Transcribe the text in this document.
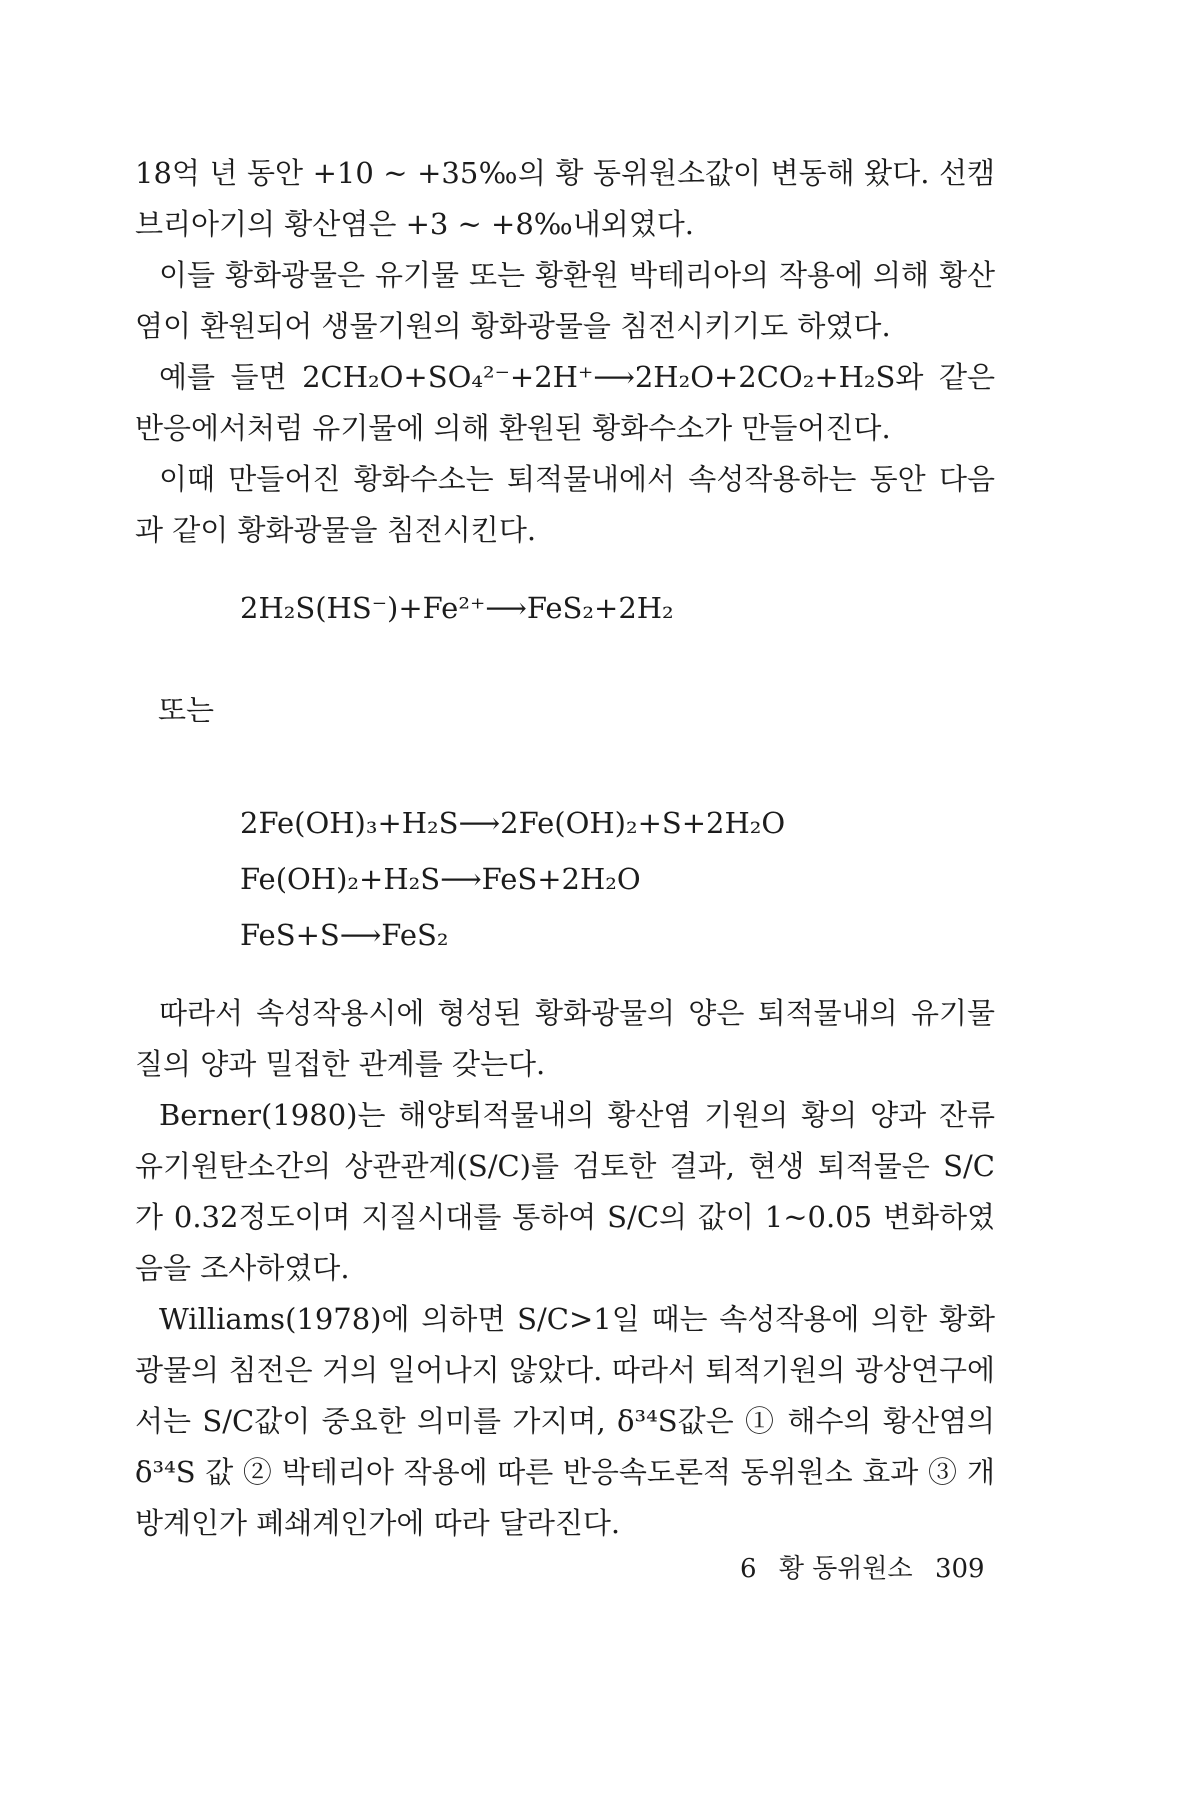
18억 년 동안 +10 ~ +35‰의 황 동위원소값이 변동해 왔다. 선캠브리아기의 황산염은 +3 ~ +8‰내외였다.

이들 황화광물은 유기물 또는 황환원 박테리아의 작용에 의해 황산염이 환원되어 생물기원의 황화광물을 침전시키기도 하였다.

예를 들면 2CH₂O+SO₄²⁻+2H⁺⟶2H₂O+2CO₂+H₂S와 같은 반응에서처럼 유기물에 의해 환원된 황화수소가 만들어진다.

이때 만들어진 황화수소는 퇴적물내에서 속성작용하는 동안 다음과 같이 황화광물을 침전시킨다.

2H₂S(HS⁻)+Fe²⁺⟶FeS₂+2H₂
또는
2Fe(OH)₃+H₂S⟶2Fe(OH)₂+S+2H₂O
Fe(OH)₂+H₂S⟶FeS+2H₂O
FeS+S⟶FeS₂

따라서 속성작용시에 형성된 황화광물의 양은 퇴적물내의 유기물질의 양과 밀접한 관계를 갖는다.

Berner(1980)는 해양퇴적물내의 황산염 기원의 황의 양과 잔류 유기원탄소간의 상관관계(S/C)를 검토한 결과, 현생 퇴적물은 S/C가 0.32정도이며 지질시대를 통하여 S/C의 값이 1~0.05 변화하였음을 조사하였다.

Williams(1978)에 의하면 S/C>1일 때는 속성작용에 의한 황화광물의 침전은 거의 일어나지 않았다. 따라서 퇴적기원의 광상연구에서는 S/C값이 중요한 의미를 가지며, δ³⁴S값은 ① 해수의 황산염의 δ³⁴S 값 ② 박테리아 작용에 따른 반응속도론적 동위원소 효과 ③ 개방계인가 폐쇄계인가에 따라 달라진다.

6 황 동위원소 309
